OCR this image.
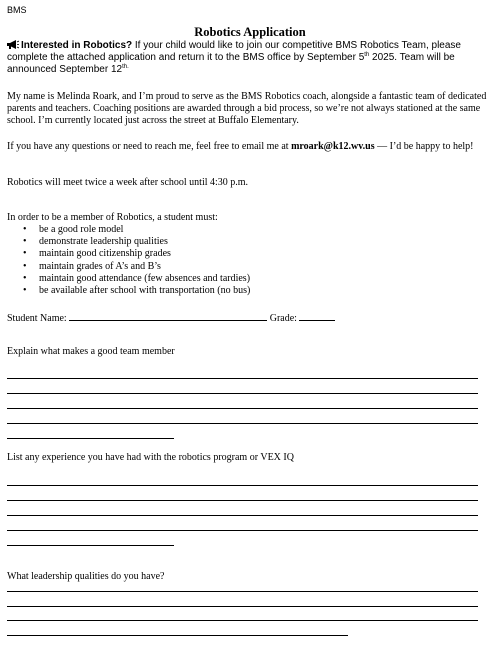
BMS
Robotics Application
Interested in Robotics? If your child would like to join our competitive BMS Robotics Team, please complete the attached application and return it to the BMS office by September 5th 2025. Team will be announced September $12^{th.}$
My name is Melinda Roark, and I’m proud to serve as the BMS Robotics coach, alongside a fantastic team of dedicated parents and teachers. Coaching positions are awarded through a bid process, so we’re not always stationed at the same school. I’m currently located just across the street at Buffalo Elementary.
If you have any questions or need to reach me, feel free to email me at mroark@k12.wv.us — I’d be happy to help!
Robotics will meet twice a week after school until 4:30 p.m.
In order to be a member of Robotics, a student must:
• be a good role model
• demonstrate leadership qualities
• maintain good citizenship grades
• maintain grades of A’s and B’s
• maintain good attendance (few absences and tardies)
• be available after school with transportation (no bus)
Student Name:	Grade:
Explain what makes a good team member
List any experience you have had with the robotics program or VEX IQ
What leadership qualities do you have?
